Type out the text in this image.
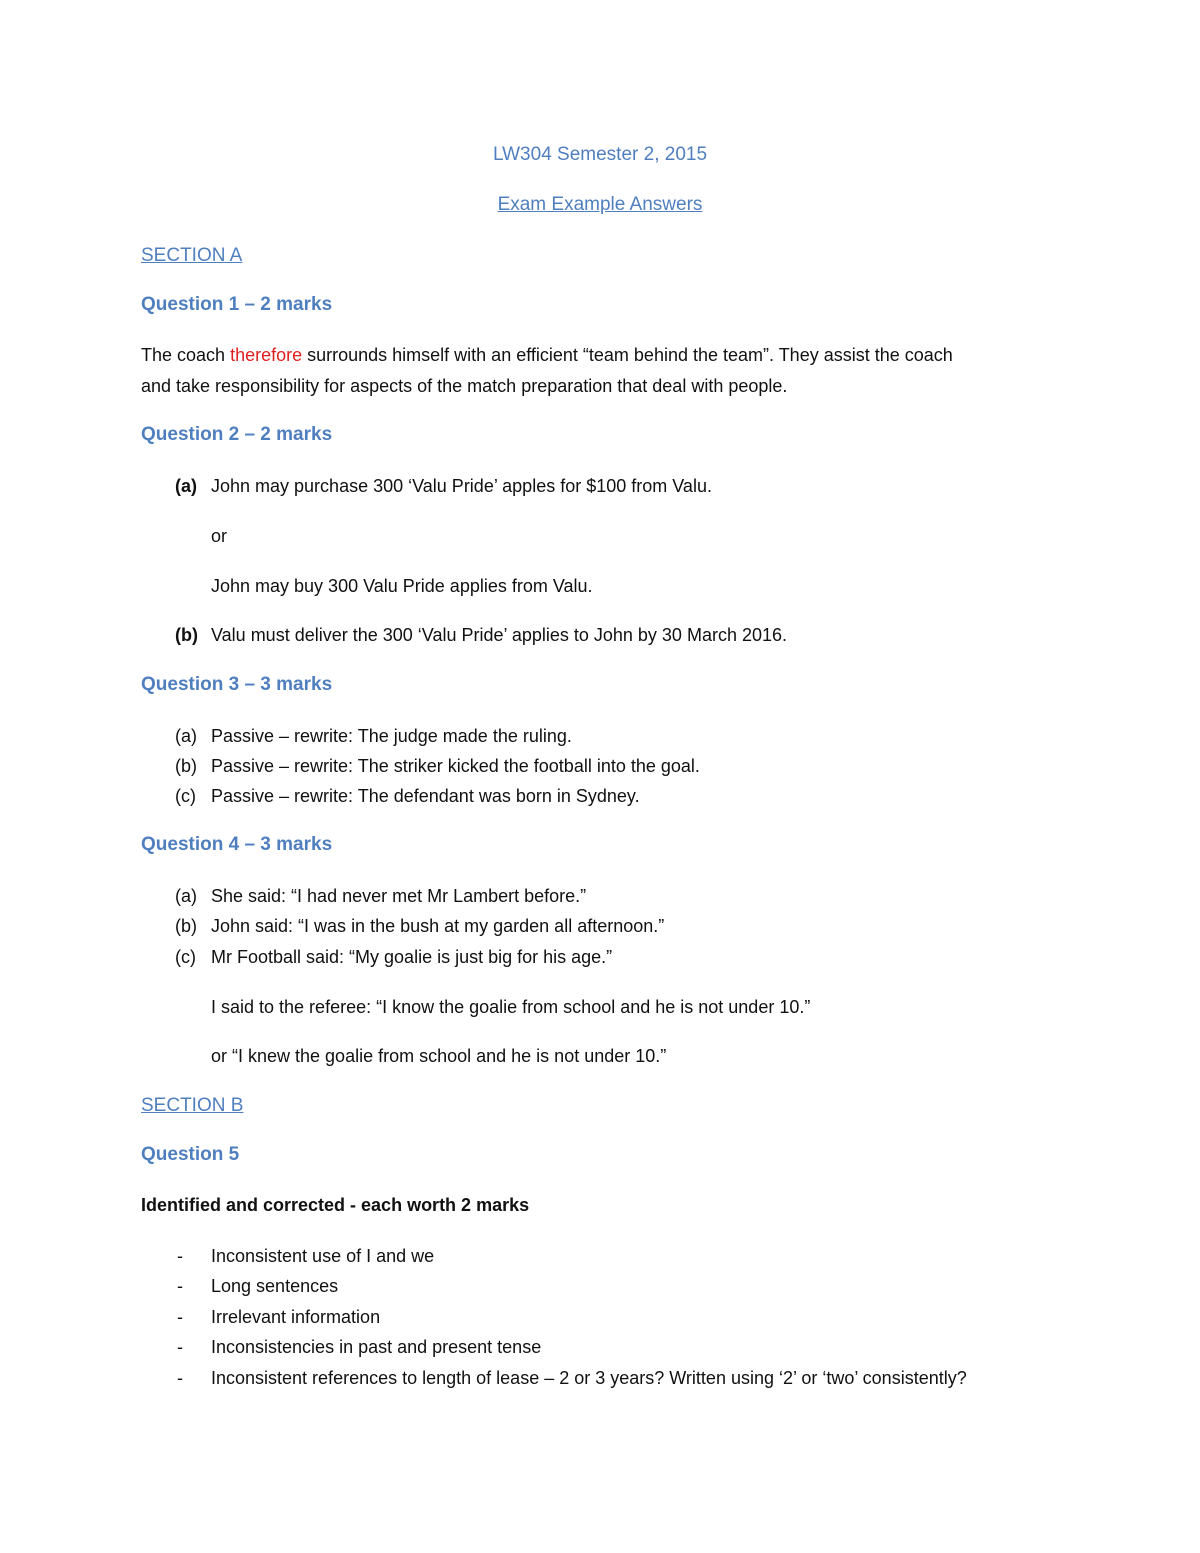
LW304 Semester 2, 2015
Exam Example Answers
SECTION A
Question 1 – 2 marks
The coach therefore surrounds himself with an efficient “team behind the team”. They assist the coach
and take responsibility for aspects of the match preparation that deal with people.
Question 2 – 2 marks
(a) John may purchase 300 ‘Valu Pride’ apples for $100 from Valu.
or
John may buy 300 Valu Pride applies from Valu.
(b) Valu must deliver the 300 ‘Valu Pride’ applies to John by 30 March 2016.
Question 3 – 3 marks
(a) Passive – rewrite: The judge made the ruling.
(b) Passive – rewrite: The striker kicked the football into the goal.
(c) Passive – rewrite: The defendant was born in Sydney.
Question 4 – 3 marks
(a) She said: “I had never met Mr Lambert before.”
(b) John said: “I was in the bush at my garden all afternoon.”
(c) Mr Football said: “My goalie is just big for his age.”
I said to the referee: “I know the goalie from school and he is not under 10.”
or “I knew the goalie from school and he is not under 10.”
SECTION B
Question 5
Identified and corrected - each worth 2 marks
- Inconsistent use of I and we
- Long sentences
- Irrelevant information
- Inconsistencies in past and present tense
- Inconsistent references to length of lease – 2 or 3 years? Written using ‘2’ or ‘two’ consistently?
